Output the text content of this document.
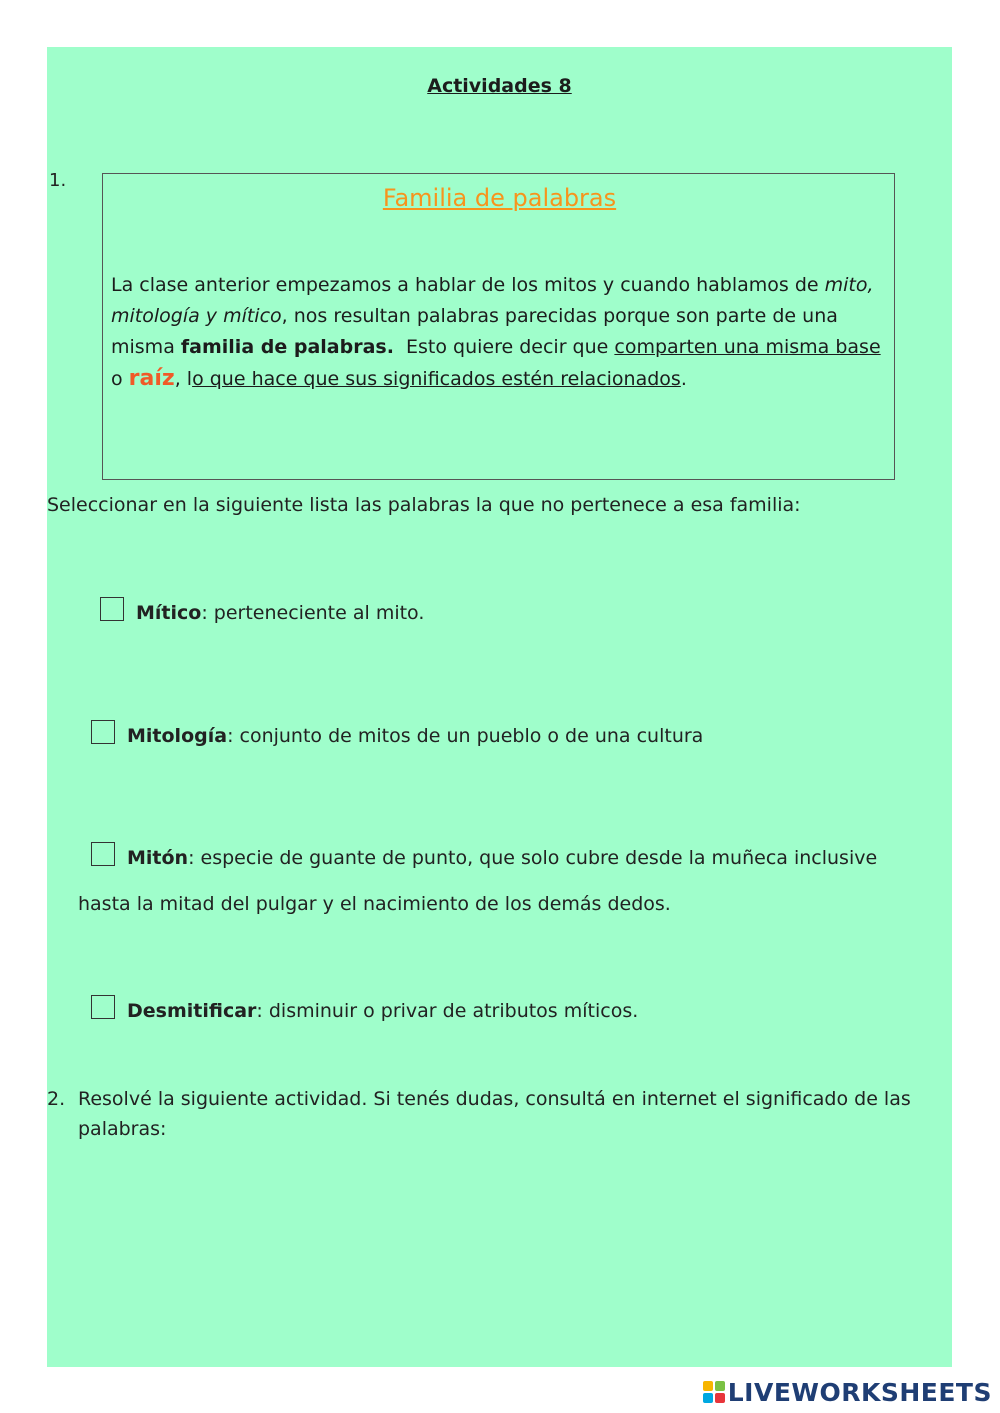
Actividades 8
1.
Familia de palabras
La clase anterior empezamos a hablar de los mitos y cuando hablamos de mito, mitología y mítico, nos resultan palabras parecidas porque son parte de una misma familia de palabras.  Esto quiere decir que comparten una misma base o raíz, lo que hace que sus significados estén relacionados.
Seleccionar en la siguiente lista las palabras la que no pertenece a esa familia:
Mítico: perteneciente al mito.
Mitología: conjunto de mitos de un pueblo o de una cultura
Mitón: especie de guante de punto, que solo cubre desde la muñeca inclusive
hasta la mitad del pulgar y el nacimiento de los demás dedos.
Desmitificar: disminuir o privar de atributos míticos.
2. Resolvé la siguiente actividad. Si tenés dudas, consultá en internet el significado de las palabras:
LIVEWORKSHEETS
